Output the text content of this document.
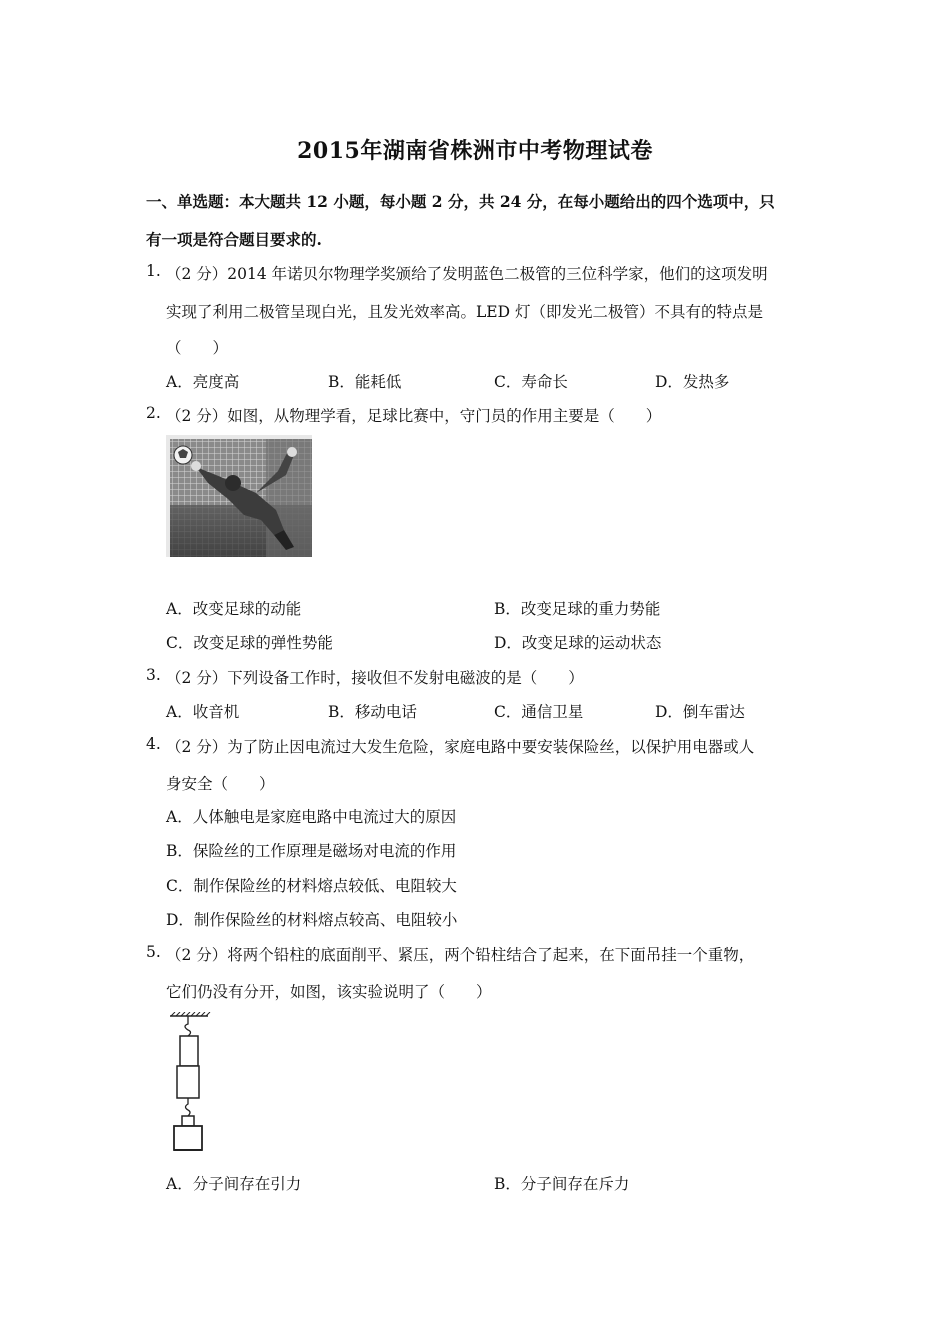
2015年湖南省株洲市中考物理试卷
一、单选题：本大题共 12 小题，每小题 2 分，共 24 分，在每小题给出的四个选项中，只
有一项是符合题目要求的.
1. （2 分）2014 年诺贝尔物理学奖颁给了发明蓝色二极管的三位科学家，他们的这项发明
实现了利用二极管呈现白光，且发光效率高。LED 灯（即发光二极管）不具有的特点是
（　　）
A．亮度高	B．能耗低	C．寿命长	D．发热多
2. （2 分）如图，从物理学看，足球比赛中，守门员的作用主要是（　　）
A．改变足球的动能	B．改变足球的重力势能
C．改变足球的弹性势能	D．改变足球的运动状态
3. （2 分）下列设备工作时，接收但不发射电磁波的是（　　）
A．收音机	B．移动电话	C．通信卫星	D．倒车雷达
4. （2 分）为了防止因电流过大发生危险，家庭电路中要安装保险丝，以保护用电器或人
身安全（　　）
A．人体触电是家庭电路中电流过大的原因
B．保险丝的工作原理是磁场对电流的作用
C．制作保险丝的材料熔点较低、电阻较大
D．制作保险丝的材料熔点较高、电阻较小
5. （2 分）将两个铅柱的底面削平、紧压，两个铅柱结合了起来，在下面吊挂一个重物，
它们仍没有分开，如图，该实验说明了（　　）
A．分子间存在引力	B．分子间存在斥力
